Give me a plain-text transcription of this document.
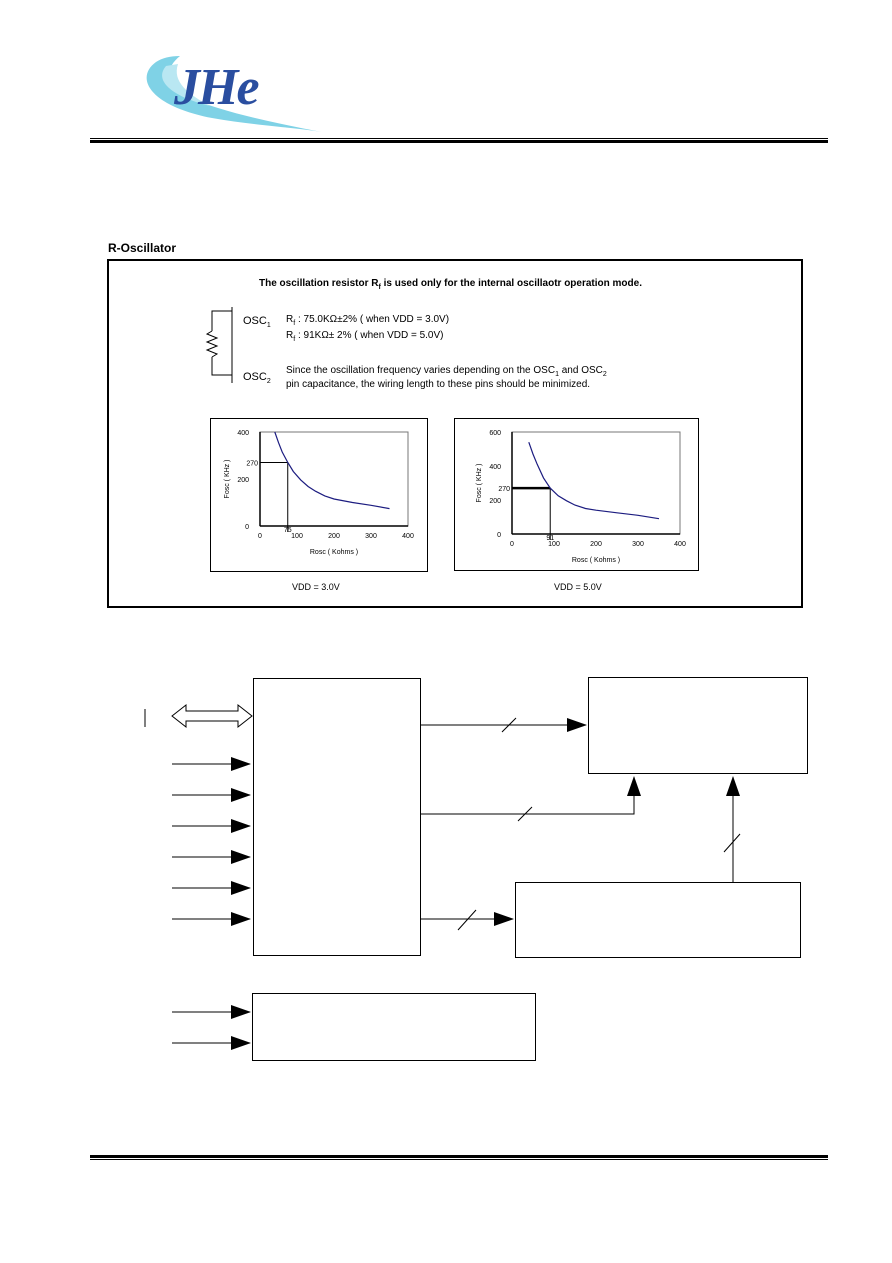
JHe
R-Oscillator
The oscillation resistor $R_f$ is used only for the internal oscillaotr operation mode.
$OSC_1$
$OSC_2$
$R_f$ : 75.0KΩ±2% ( when VDD = 3.0V)
$R_f$ : 91KΩ± 2% ( when VDD = 5.0V)
Since the oscillation frequency varies depending on the $OSC_1$ and $OSC_2$
pin capacitance, the wiring length to these pins should be minimized.
0	100	200	300	400
0
200
400
270
75
Rosc ( Kohms )
Fosc ( KHz )
VDD = 3.0V
0	100	200	300	400
0
200
400
600
270
91
Rosc ( Kohms )
Fosc ( KHz )
VDD = 5.0V
